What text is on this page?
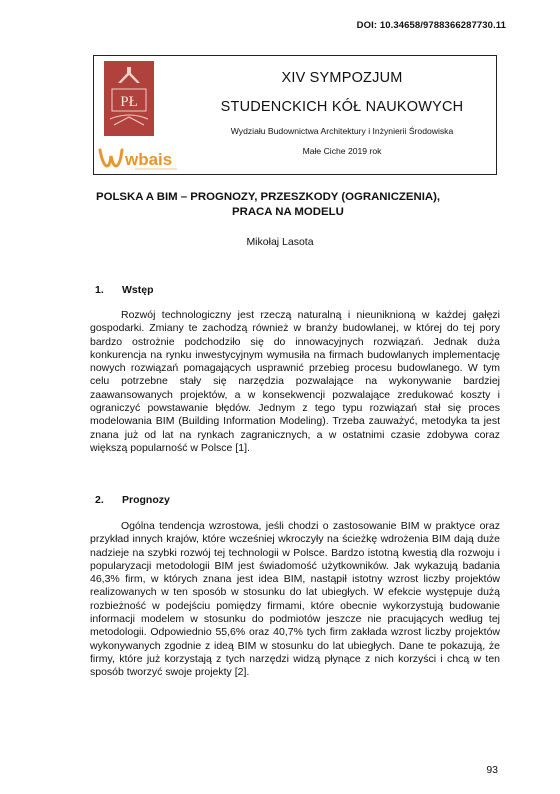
DOI: 10.34658/9788366287730.11
PŁ
wbais
XIV SYMPOZJUM
STUDENCKICH KÓŁ NAUKOWYCH
Wydziału Budownictwa Architektury i Inżynierii Środowiska
Małe Ciche 2019 rok
POLSKA A BIM – PROGNOZY, PRZESZKODY (OGRANICZENIA),
PRACA NA MODELU
Mikołaj Lasota
1. Wstęp

Rozwój technologiczny jest rzeczą naturalną i nieuniknioną w każdej gałęzi gospodarki. Zmiany te zachodzą również w branży budowlanej, w której do tej pory bardzo ostrożnie podchodziło się do innowacyjnych rozwiązań. Jednak duża konkurencja na rynku inwestycyjnym wymusiła na firmach budowlanych implementację nowych rozwiązań pomagających usprawnić przebieg procesu budowlanego. W tym celu potrzebne stały się narzędzia pozwalające na wykonywanie bardziej zaawansowanych projektów, a w konsekwencji pozwalające zredukować koszty i ograniczyć powstawanie błędów. Jednym z tego typu rozwiązań stał się proces modelowania BIM (Building Information Modeling). Trzeba zauważyć, metodyka ta jest znana już od lat na rynkach zagranicznych, a w ostatnimi czasie zdobywa coraz większą popularność w Polsce [1].

2. Prognozy

Ogólna tendencja wzrostowa, jeśli chodzi o zastosowanie BIM w praktyce oraz przykład innych krajów, które wcześniej wkroczyły na ścieżkę wdrożenia BIM dają duże nadzieje na szybki rozwój tej technologii w Polsce. Bardzo istotną kwestią dla rozwoju i popularyzacji metodologii BIM jest świadomość użytkowników. Jak wykazują badania 46,3% firm, w których znana jest idea BIM, nastąpił istotny wzrost liczby projektów realizowanych w ten sposób w stosunku do lat ubiegłych. W efekcie występuje dużą rozbieżność w podejściu pomiędzy firmami, które obecnie wykorzystują budowanie informacji modelem w stosunku do podmiotów jeszcze nie pracujących według tej metodologii. Odpowiednio 55,6% oraz 40,7% tych firm zakłada wzrost liczby projektów wykonywanych zgodnie z ideą BIM w stosunku do lat ubiegłych. Dane te pokazują, że firmy, które już korzystają z tych narzędzi widzą płynące z nich korzyści i chcą w ten sposób tworzyć swoje projekty [2].

93
